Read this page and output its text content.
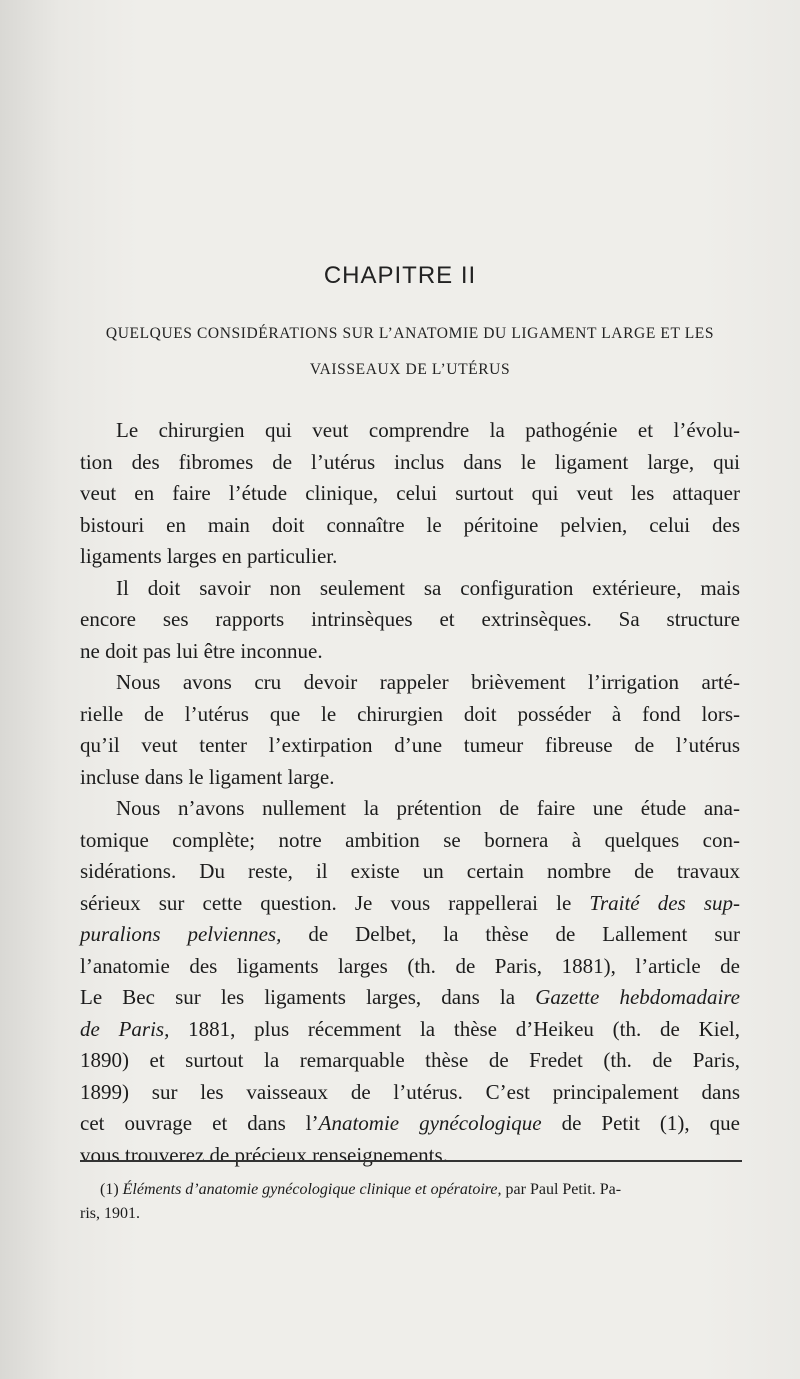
CHAPITRE II
QUELQUES CONSIDÉRATIONS SUR L’ANATOMIE DU LIGAMENT LARGE ET LES
VAISSEAUX DE L’UTÉRUS
Le chirurgien qui veut comprendre la pathogénie et l’évolu-
tion des fibromes de l’utérus inclus dans le ligament large, qui
veut en faire l’étude clinique, celui surtout qui veut les attaquer
bistouri en main doit connaître le péritoine pelvien, celui des
ligaments larges en particulier.
Il doit savoir non seulement sa configuration extérieure, mais
encore ses rapports intrinsèques et extrinsèques. Sa structure
ne doit pas lui être inconnue.
Nous avons cru devoir rappeler brièvement l’irrigation arté-
rielle de l’utérus que le chirurgien doit posséder à fond lors-
qu’il veut tenter l’extirpation d’une tumeur fibreuse de l’utérus
incluse dans le ligament large.
Nous n’avons nullement la prétention de faire une étude ana-
tomique complète; notre ambition se bornera à quelques con-
sidérations. Du reste, il existe un certain nombre de travaux
sérieux sur cette question. Je vous rappellerai le Traité des sup-
puralions pelviennes, de Delbet, la thèse de Lallement sur
l’anatomie des ligaments larges (th. de Paris, 1881), l’article de
Le Bec sur les ligaments larges, dans la Gazette hebdomadaire
de Paris, 1881, plus récemment la thèse d’Heikeu (th. de Kiel,
1890) et surtout la remarquable thèse de Fredet (th. de Paris,
1899) sur les vaisseaux de l’utérus. C’est principalement dans
cet ouvrage et dans l’Anatomie gynécologique de Petit (1), que
vous trouverez de précieux renseignements.
(1) Éléments d’anatomie gynécologique clinique et opératoire, par Paul Petit. Pa-
ris, 1901.
